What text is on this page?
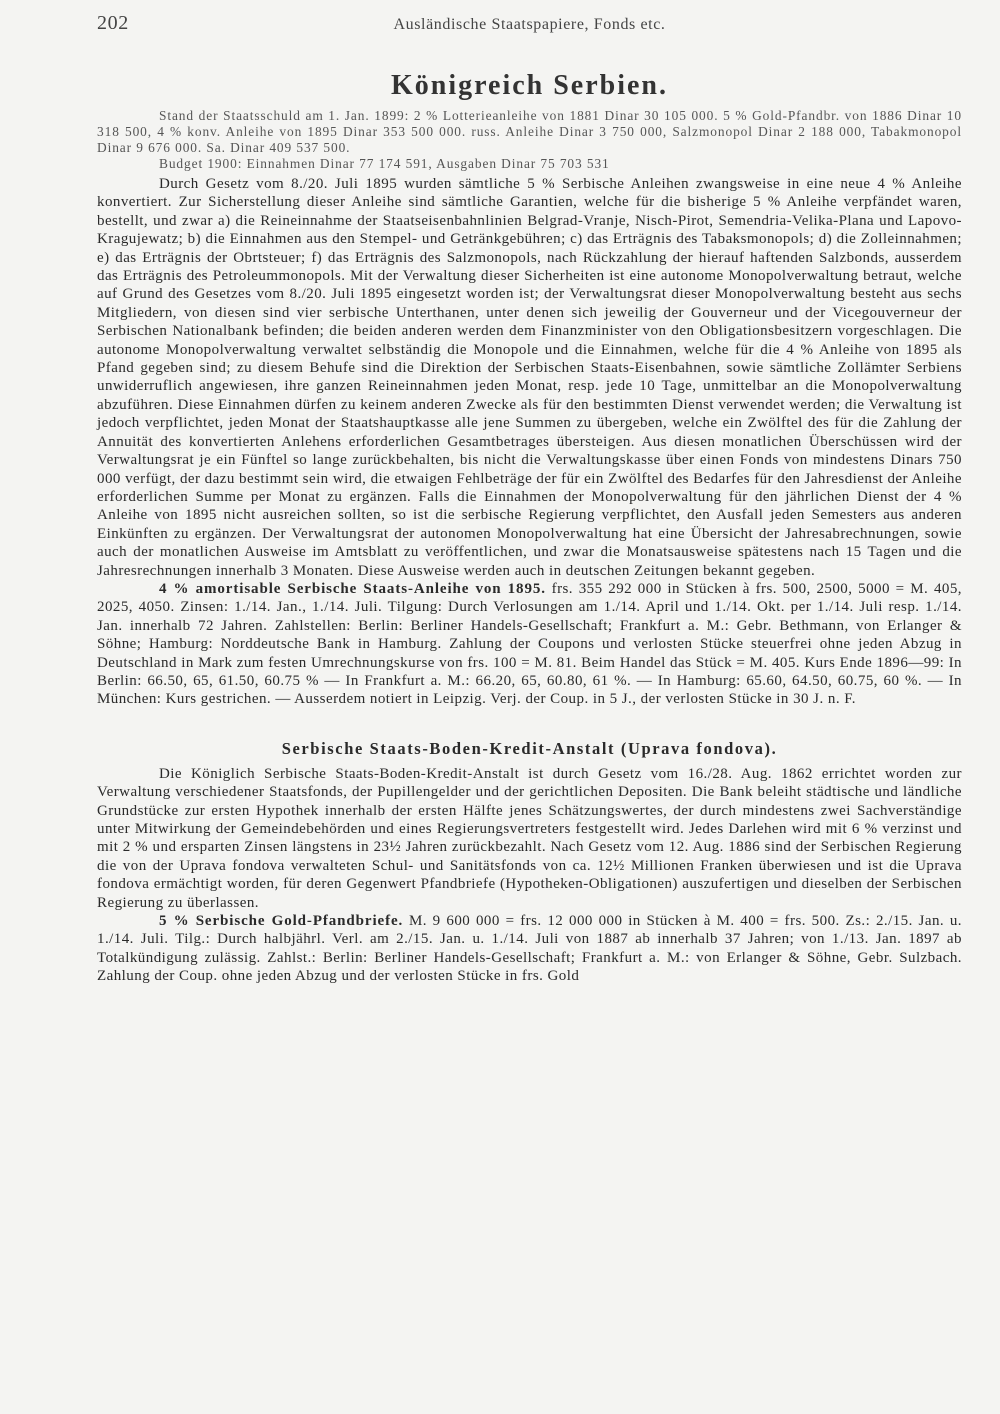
202	Ausländische Staatspapiere, Fonds etc.
Königreich Serbien.

Stand der Staatsschuld am 1. Jan. 1899: 2 % Lotterieanleihe von 1881 Dinar 30 105 000. 5 % Gold-Pfandbr. von 1886 Dinar 10 318 500, 4 % konv. Anleihe von 1895 Dinar 353 500 000. russ. Anleihe Dinar 3 750 000, Salzmonopol Dinar 2 188 000, Tabakmonopol Dinar 9 676 000. Sa. Dinar 409 537 500.

Budget 1900: Einnahmen Dinar 77 174 591, Ausgaben Dinar 75 703 531

Durch Gesetz vom 8./20. Juli 1895 wurden sämtliche 5 % Serbische Anleihen zwangsweise in eine neue 4 % Anleihe konvertiert. Zur Sicherstellung dieser Anleihe sind sämtliche Garantien, welche für die bisherige 5 % Anleihe verpfändet waren, bestellt, und zwar a) die Reineinnahme der Staatseisenbahnlinien Belgrad-Vranje, Nisch-Pirot, Semendria-Velika-Plana und Lapovo-Kragujewatz; b) die Einnahmen aus den Stempel- und Getränkgebühren; c) das Erträgnis des Tabaksmonopols; d) die Zolleinnahmen; e) das Erträgnis der Obrtsteuer; f) das Erträgnis des Salzmonopols, nach Rückzahlung der hierauf haftenden Salzbonds, ausserdem das Erträgnis des Petroleummonopols. Mit der Verwaltung dieser Sicherheiten ist eine autonome Monopolverwaltung betraut, welche auf Grund des Gesetzes vom 8./20. Juli 1895 eingesetzt worden ist; der Verwaltungsrat dieser Monopolverwaltung besteht aus sechs Mitgliedern, von diesen sind vier serbische Unterthanen, unter denen sich jeweilig der Gouverneur und der Vicegouverneur der Serbischen Nationalbank befinden; die beiden anderen werden dem Finanzminister von den Obligationsbesitzern vorgeschlagen. Die autonome Monopolverwaltung verwaltet selbständig die Monopole und die Einnahmen, welche für die 4 % Anleihe von 1895 als Pfand gegeben sind; zu diesem Behufe sind die Direktion der Serbischen Staats-Eisenbahnen, sowie sämtliche Zollämter Serbiens unwiderruflich angewiesen, ihre ganzen Reineinnahmen jeden Monat, resp. jede 10 Tage, unmittelbar an die Monopolverwaltung abzuführen. Diese Einnahmen dürfen zu keinem anderen Zwecke als für den bestimmten Dienst verwendet werden; die Verwaltung ist jedoch verpflichtet, jeden Monat der Staatshauptkasse alle jene Summen zu übergeben, welche ein Zwölftel des für die Zahlung der Annuität des konvertierten Anlehens erforderlichen Gesamtbetrages übersteigen. Aus diesen monatlichen Überschüssen wird der Verwaltungsrat je ein Fünftel so lange zurückbehalten, bis nicht die Verwaltungskasse über einen Fonds von mindestens Dinars 750 000 verfügt, der dazu bestimmt sein wird, die etwaigen Fehlbeträge der für ein Zwölftel des Bedarfes für den Jahresdienst der Anleihe erforderlichen Summe per Monat zu ergänzen. Falls die Einnahmen der Monopolverwaltung für den jährlichen Dienst der 4 % Anleihe von 1895 nicht ausreichen sollten, so ist die serbische Regierung verpflichtet, den Ausfall jeden Semesters aus anderen Einkünften zu ergänzen. Der Verwaltungsrat der autonomen Monopolverwaltung hat eine Übersicht der Jahresabrechnungen, sowie auch der monatlichen Ausweise im Amtsblatt zu veröffentlichen, und zwar die Monatsausweise spätestens nach 15 Tagen und die Jahresrechnungen innerhalb 3 Monaten. Diese Ausweise werden auch in deutschen Zeitungen bekannt gegeben.

4 % amortisable Serbische Staats-Anleihe von 1895. frs. 355 292 000 in Stücken à frs. 500, 2500, 5000 = M. 405, 2025, 4050. Zinsen: 1./14. Jan., 1./14. Juli. Tilgung: Durch Verlosungen am 1./14. April und 1./14. Okt. per 1./14. Juli resp. 1./14. Jan. innerhalb 72 Jahren. Zahlstellen: Berlin: Berliner Handels-Gesellschaft; Frankfurt a. M.: Gebr. Bethmann, von Erlanger & Söhne; Hamburg: Norddeutsche Bank in Hamburg. Zahlung der Coupons und verlosten Stücke steuerfrei ohne jeden Abzug in Deutschland in Mark zum festen Umrechnungskurse von frs. 100 = M. 81. Beim Handel das Stück = M. 405. Kurs Ende 1896—99: In Berlin: 66.50, 65, 61.50, 60.75 % — In Frankfurt a. M.: 66.20, 65, 60.80, 61 %. — In Hamburg: 65.60, 64.50, 60.75, 60 %. — In München: Kurs gestrichen. — Ausserdem notiert in Leipzig. Verj. der Coup. in 5 J., der verlosten Stücke in 30 J. n. F.

Serbische Staats-Boden-Kredit-Anstalt (Uprava fondova).

Die Königlich Serbische Staats-Boden-Kredit-Anstalt ist durch Gesetz vom 16./28. Aug. 1862 errichtet worden zur Verwaltung verschiedener Staatsfonds, der Pupillengelder und der gerichtlichen Depositen. Die Bank beleiht städtische und ländliche Grundstücke zur ersten Hypothek innerhalb der ersten Hälfte jenes Schätzungswertes, der durch mindestens zwei Sachverständige unter Mitwirkung der Gemeindebehörden und eines Regierungsvertreters festgestellt wird. Jedes Darlehen wird mit 6 % verzinst und mit 2 % und ersparten Zinsen längstens in 23½ Jahren zurückbezahlt. Nach Gesetz vom 12. Aug. 1886 sind der Serbischen Regierung die von der Uprava fondova verwalteten Schul- und Sanitätsfonds von ca. 12½ Millionen Franken überwiesen und ist die Uprava fondova ermächtigt worden, für deren Gegenwert Pfandbriefe (Hypotheken-Obligationen) auszufertigen und dieselben der Serbischen Regierung zu überlassen.

5 % Serbische Gold-Pfandbriefe. M. 9 600 000 = frs. 12 000 000 in Stücken à M. 400 = frs. 500. Zs.: 2./15. Jan. u. 1./14. Juli. Tilg.: Durch halbjährl. Verl. am 2./15. Jan. u. 1./14. Juli von 1887 ab innerhalb 37 Jahren; von 1./13. Jan. 1897 ab Totalkündigung zulässig. Zahlst.: Berlin: Berliner Handels-Gesellschaft; Frankfurt a. M.: von Erlanger & Söhne, Gebr. Sulzbach. Zahlung der Coup. ohne jeden Abzug und der verlosten Stücke in frs. Gold
